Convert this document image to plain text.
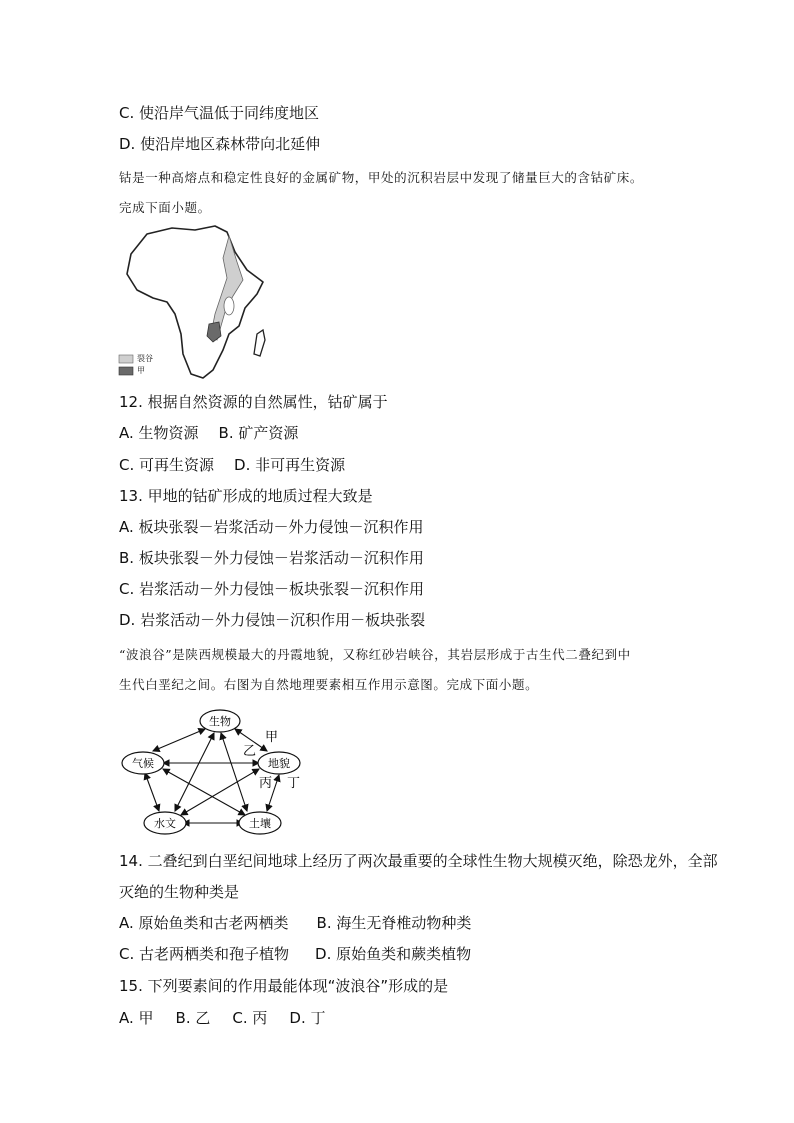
C. 使沿岸气温低于同纬度地区
D. 使沿岸地区森林带向北延伸
钴是一种高熔点和稳定性良好的金属矿物，甲处的沉积岩层中发现了储量巨大的含钴矿床。
完成下面小题。
裂谷
甲
12. 根据自然资源的自然属性，钴矿属于
A. 生物资源 B. 矿产资源
C. 可再生资源 D. 非可再生资源
13. 甲地的钴矿形成的地质过程大致是
A. 板块张裂－岩浆活动－外力侵蚀－沉积作用
B. 板块张裂－外力侵蚀－岩浆活动－沉积作用
C. 岩浆活动－外力侵蚀－板块张裂－沉积作用
D. 岩浆活动－外力侵蚀－沉积作用－板块张裂
“波浪谷”是陕西规模最大的丹霞地貌，又称红砂岩峡谷，其岩层形成于古生代二叠纪到中
生代白垩纪之间。右图为自然地理要素相互作用示意图。完成下面小题。
生物
气候	地貌
水文	土壤
甲
乙
丙 丁
14. 二叠纪到白垩纪间地球上经历了两次最重要的全球性生物大规模灭绝，除恐龙外，全部
灭绝的生物种类是
A. 原始鱼类和古老两栖类 B. 海生无脊椎动物种类
C. 古老两栖类和孢子植物 D. 原始鱼类和蕨类植物
15. 下列要素间的作用最能体现“波浪谷”形成的是
A. 甲 B. 乙 C. 丙 D. 丁
